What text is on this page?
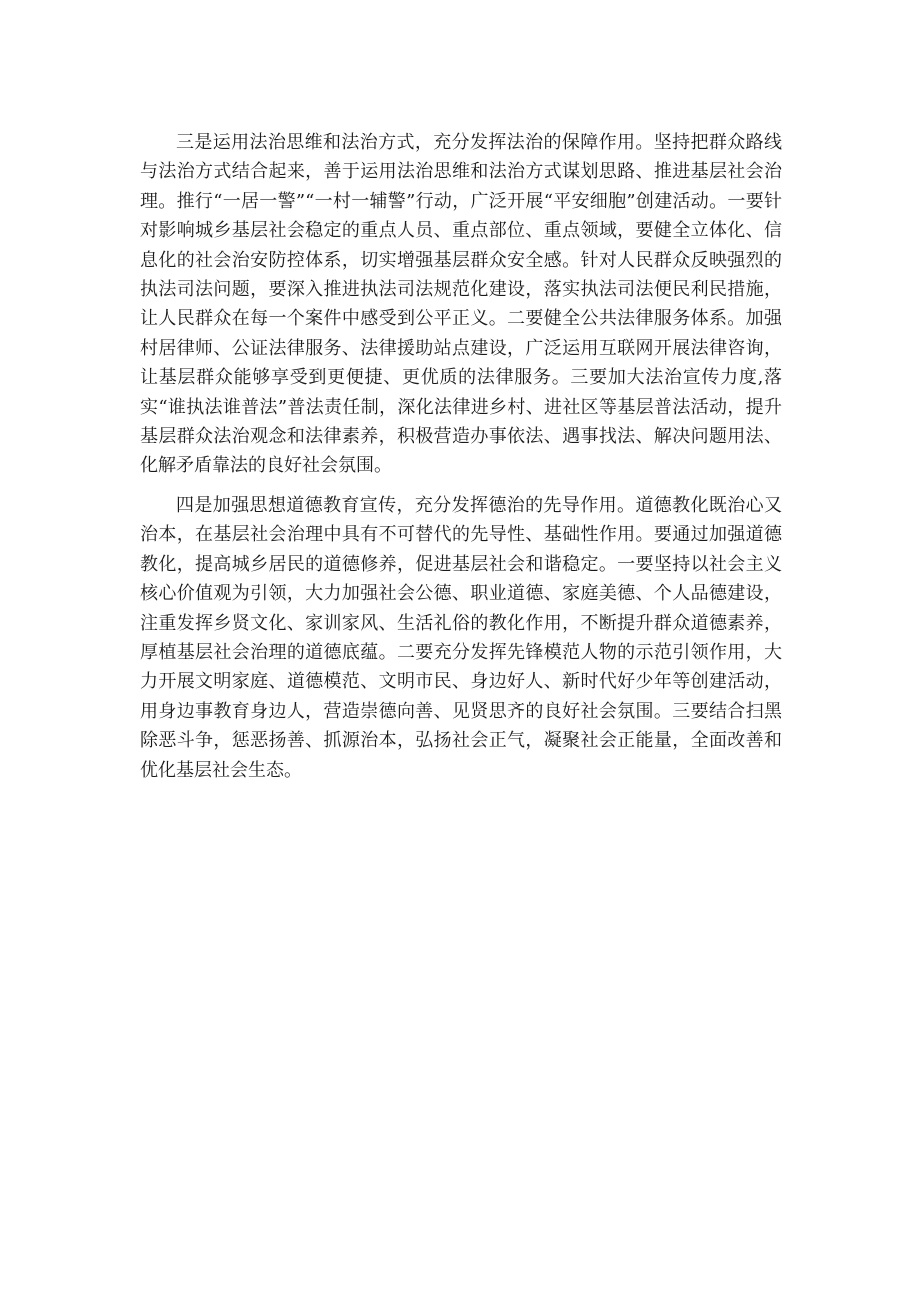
三是运用法治思维和法治方式，充分发挥法治的保障作用。坚持把群众路线与法治方式结合起来，善于运用法治思维和法治方式谋划思路、推进基层社会治理。推行“一居一警”“一村一辅警”行动，广泛开展“平安细胞”创建活动。一要针对影响城乡基层社会稳定的重点人员、重点部位、重点领域，要健全立体化、信息化的社会治安防控体系，切实增强基层群众安全感。针对人民群众反映强烈的执法司法问题，要深入推进执法司法规范化建设，落实执法司法便民利民措施，让人民群众在每一个案件中感受到公平正义。二要健全公共法律服务体系。加强村居律师、公证法律服务、法律援助站点建设，广泛运用互联网开展法律咨询，让基层群众能够享受到更便捷、更优质的法律服务。三要加大法治宣传力度,落实“谁执法谁普法”普法责任制，深化法律进乡村、进社区等基层普法活动，提升基层群众法治观念和法律素养，积极营造办事依法、遇事找法、解决问题用法、化解矛盾靠法的良好社会氛围。

四是加强思想道德教育宣传，充分发挥德治的先导作用。道德教化既治心又治本，在基层社会治理中具有不可替代的先导性、基础性作用。要通过加强道德教化，提高城乡居民的道德修养，促进基层社会和谐稳定。一要坚持以社会主义核心价值观为引领，大力加强社会公德、职业道德、家庭美德、个人品德建设，注重发挥乡贤文化、家训家风、生活礼俗的教化作用，不断提升群众道德素养，厚植基层社会治理的道德底蕴。二要充分发挥先锋模范人物的示范引领作用，大力开展文明家庭、道德模范、文明市民、身边好人、新时代好少年等创建活动，用身边事教育身边人，营造崇德向善、见贤思齐的良好社会氛围。三要结合扫黑除恶斗争，惩恶扬善、抓源治本，弘扬社会正气，凝聚社会正能量，全面改善和优化基层社会生态。
